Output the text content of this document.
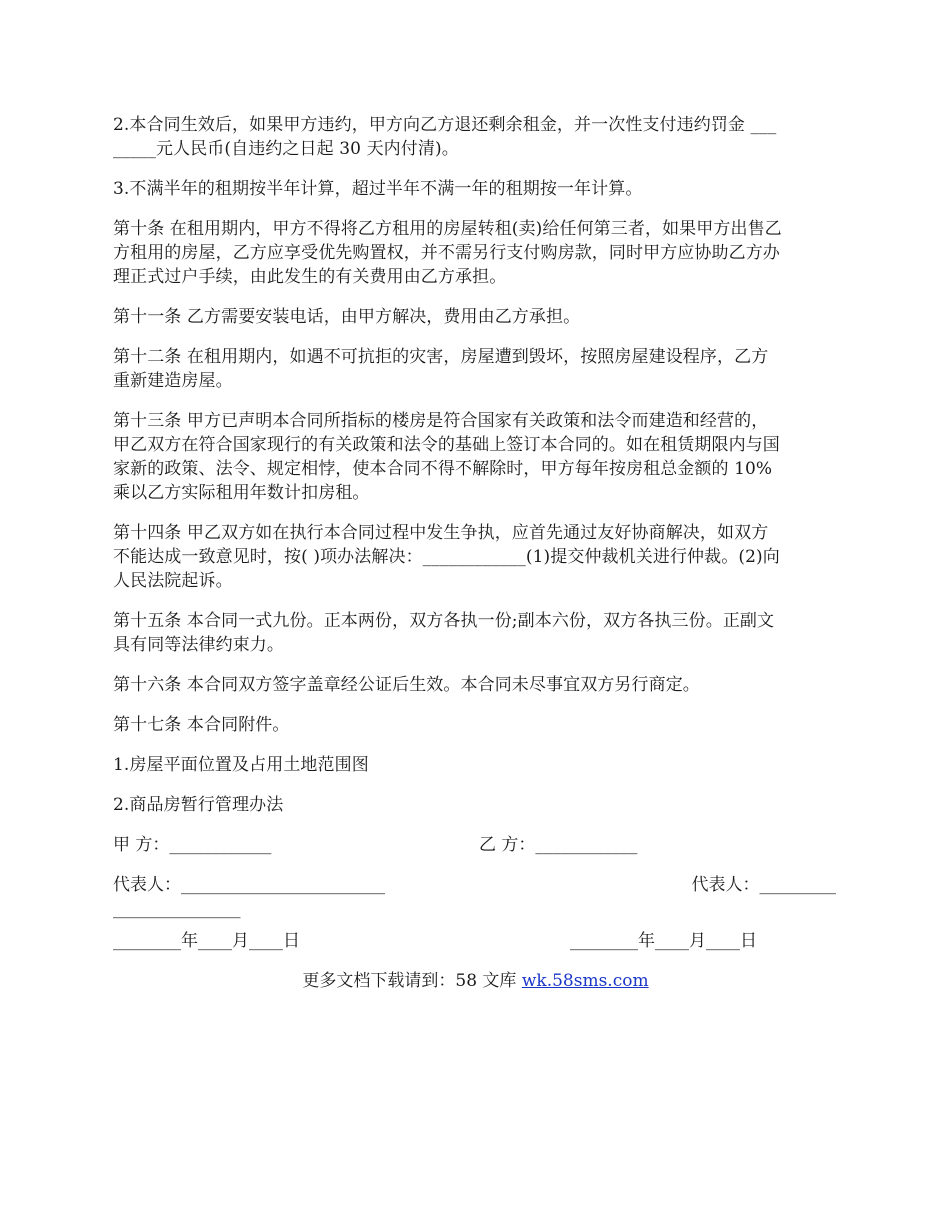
2.本合同生效后，如果甲方违约，甲方向乙方退还剩余租金，并一次性支付违约罚金 ___
_____元人民币(自违约之日起 30 天内付清)。

3.不满半年的租期按半年计算，超过半年不满一年的租期按一年计算。

第十条 在租用期内，甲方不得将乙方租用的房屋转租(卖)给任何第三者，如果甲方出售乙
方租用的房屋，乙方应享受优先购置权，并不需另行支付购房款，同时甲方应协助乙方办
理正式过户手续，由此发生的有关费用由乙方承担。

第十一条 乙方需要安装电话，由甲方解决，费用由乙方承担。

第十二条 在租用期内，如遇不可抗拒的灾害，房屋遭到毁坏，按照房屋建设程序，乙方
重新建造房屋。

第十三条 甲方已声明本合同所指标的楼房是符合国家有关政策和法令而建造和经营的，
甲乙双方在符合国家现行的有关政策和法令的基础上签订本合同的。如在租赁期限内与国
家新的政策、法令、规定相悖，使本合同不得不解除时，甲方每年按房租总金额的 10%
乘以乙方实际租用年数计扣房租。

第十四条 甲乙双方如在执行本合同过程中发生争执，应首先通过友好协商解决，如双方
不能达成一致意见时，按( )项办法解决：____________(1)提交仲裁机关进行仲裁。(2)向
人民法院起诉。

第十五条 本合同一式九份。正本两份，双方各执一份;副本六份，双方各执三份。正副文
具有同等法律约束力。

第十六条 本合同双方签字盖章经公证后生效。本合同未尽事宜双方另行商定。

第十七条 本合同附件。

1.房屋平面位置及占用土地范围图

2.商品房暂行管理办法

甲 方：____________	乙 方：____________
代表人：________________________	代表人：_________
_______________
________年____月____日	________年____月____日
更多文档下载请到：58 文库 wk.58sms.com
